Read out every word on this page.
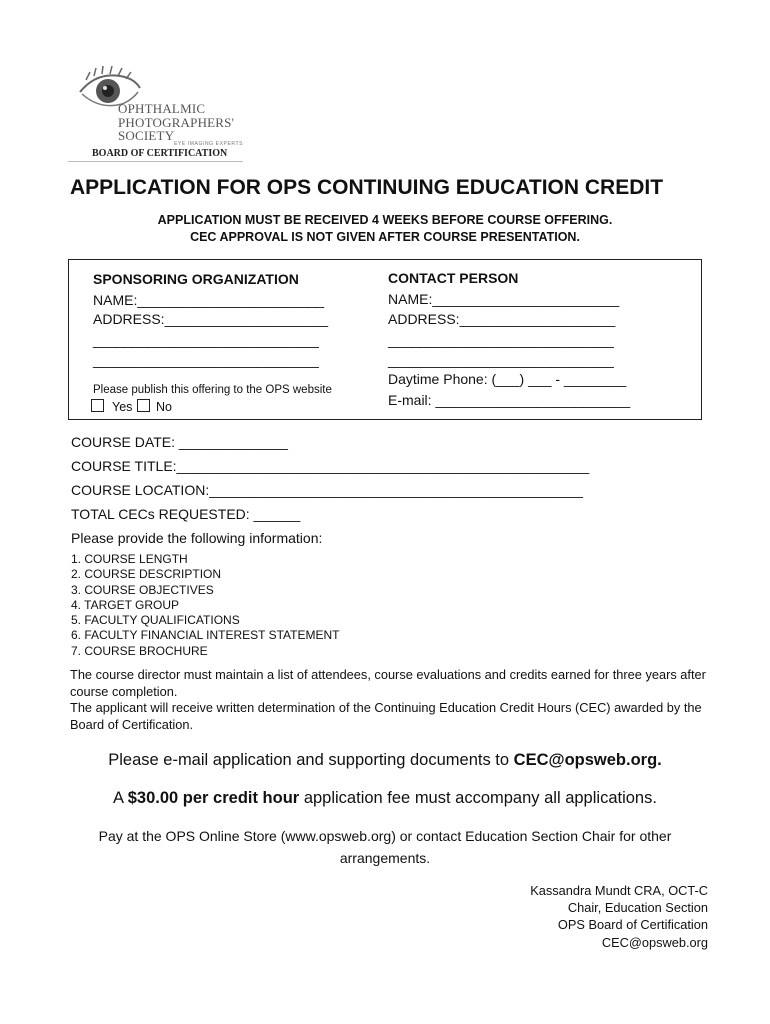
OPHTHALMIC
PHOTOGRAPHERS'
SOCIETY
EYE IMAGING EXPERTS
BOARD OF CERTIFICATION
APPLICATION FOR OPS CONTINUING EDUCATION CREDIT
APPLICATION MUST BE RECEIVED 4 WEEKS BEFORE COURSE OFFERING.
CEC APPROVAL IS NOT GIVEN AFTER COURSE PRESENTATION.
SPONSORING ORGANIZATION
NAME:________________________
ADDRESS:_____________________
_____________________________
_____________________________
Please publish this offering to the OPS website
Yes No
CONTACT PERSON
NAME:________________________
ADDRESS:____________________
_____________________________
_____________________________
Daytime Phone: (___) ___ - ________
E-mail: _________________________
COURSE DATE: ______________
COURSE TITLE:_____________________________________________________
COURSE LOCATION:________________________________________________
TOTAL CECs REQUESTED: ______
Please provide the following information:
1. COURSE LENGTH
2. COURSE DESCRIPTION
3. COURSE OBJECTIVES
4. TARGET GROUP
5. FACULTY QUALIFICATIONS
6. FACULTY FINANCIAL INTEREST STATEMENT
7. COURSE BROCHURE
The course director must maintain a list of attendees, course evaluations and credits earned for three years after course completion.
The applicant will receive written determination of the Continuing Education Credit Hours (CEC) awarded by the Board of Certification.
Please e-mail application and supporting documents to CEC@opsweb.org.
A $30.00 per credit hour application fee must accompany all applications.
Pay at the OPS Online Store (www.opsweb.org) or contact Education Section Chair for other arrangements.
Kassandra Mundt CRA, OCT-C
Chair, Education Section
OPS Board of Certification
CEC@opsweb.org
